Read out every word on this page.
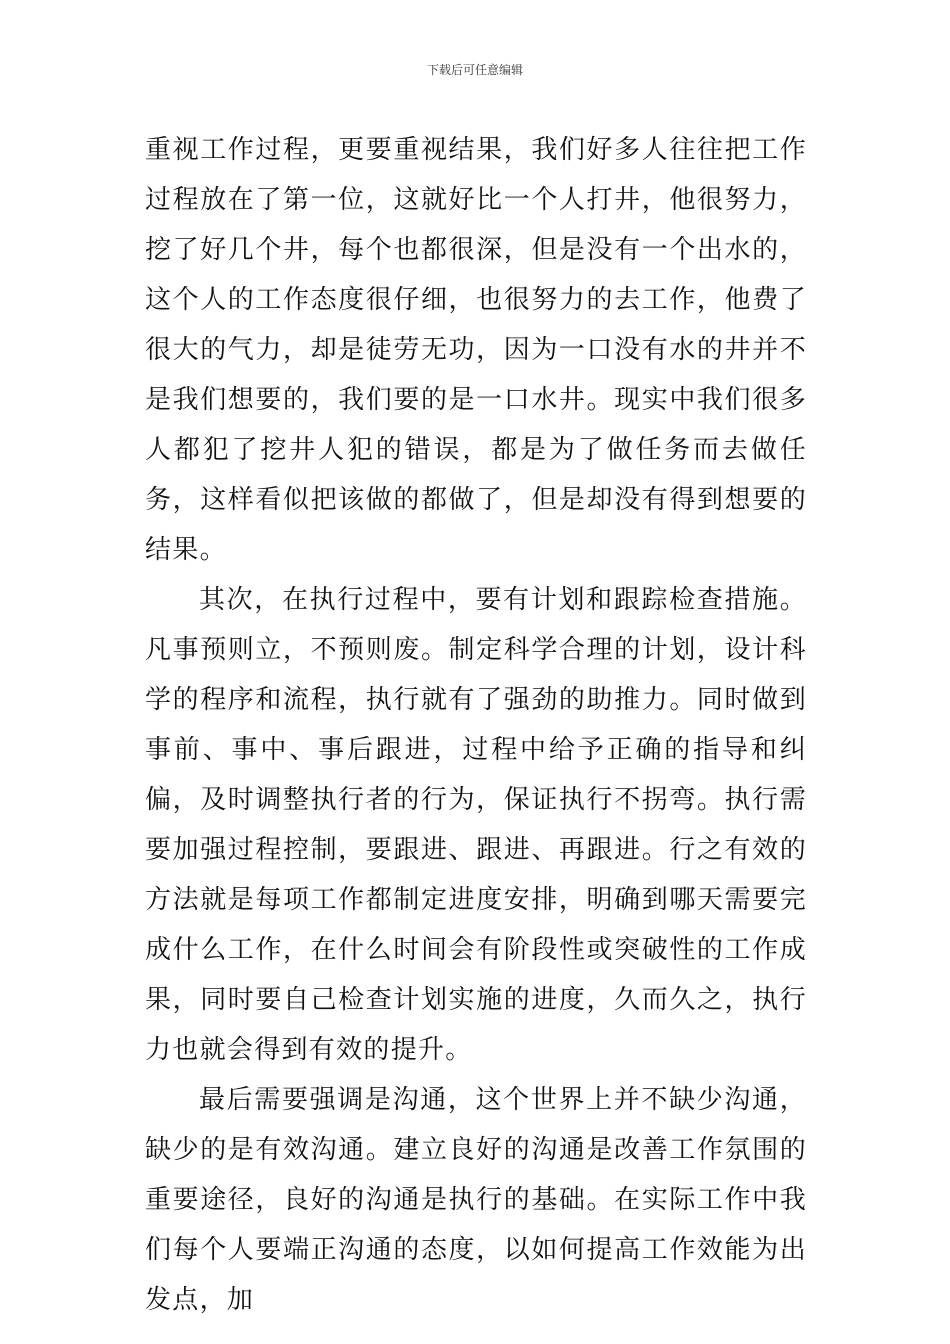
下载后可任意编辑

重视工作过程，更要重视结果，我们好多人往往把工作过程放在了第一位，这就好比一个人打井，他很努力，挖了好几个井，每个也都很深，但是没有一个出水的，这个人的工作态度很仔细，也很努力的去工作，他费了很大的气力，却是徒劳无功，因为一口没有水的井并不是我们想要的，我们要的是一口水井。现实中我们很多人都犯了挖井人犯的错误，都是为了做任务而去做任务，这样看似把该做的都做了，但是却没有得到想要的结果。

其次，在执行过程中，要有计划和跟踪检查措施。凡事预则立，不预则废。制定科学合理的计划，设计科学的程序和流程，执行就有了强劲的助推力。同时做到事前、事中、事后跟进，过程中给予正确的指导和纠偏，及时调整执行者的行为，保证执行不拐弯。执行需要加强过程控制，要跟进、跟进、再跟进。行之有效的方法就是每项工作都制定进度安排，明确到哪天需要完成什么工作，在什么时间会有阶段性或突破性的工作成果，同时要自己检查计划实施的进度，久而久之，执行力也就会得到有效的提升。

最后需要强调是沟通，这个世界上并不缺少沟通，缺少的是有效沟通。建立良好的沟通是改善工作氛围的重要途径，良好的沟通是执行的基础。在实际工作中我们每个人要端正沟通的态度，以如何提高工作效能为出发点，加
